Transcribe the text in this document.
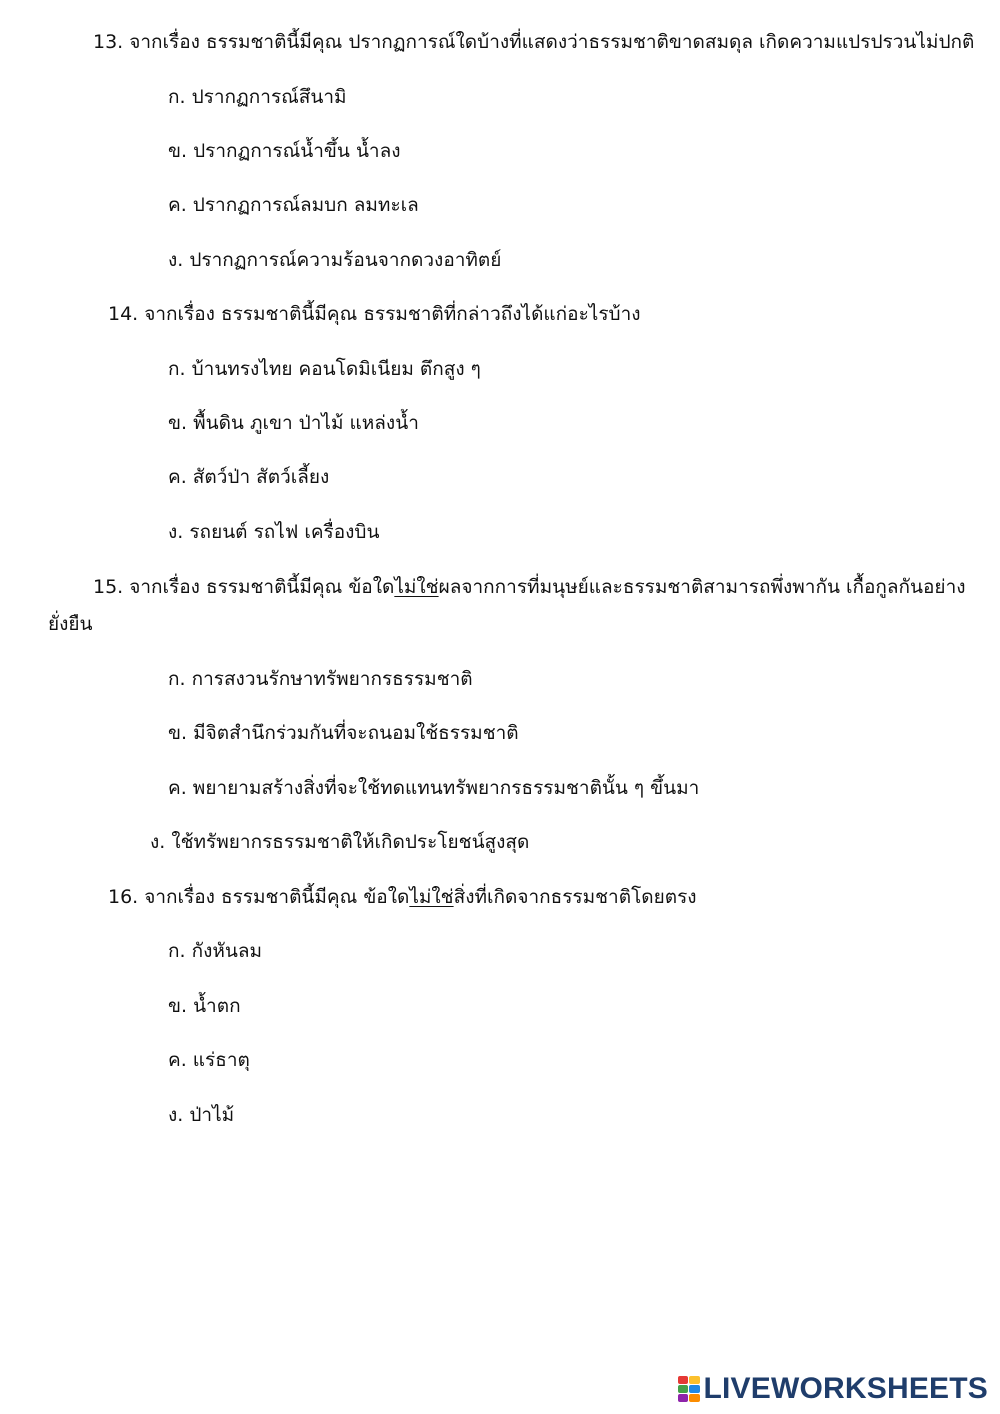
13. จากเรื่อง ธรรมชาตินี้มีคุณ ปรากฏการณ์ใดบ้างที่แสดงว่าธรรมชาติขาดสมดุล เกิดความแปรปรวนไม่ปกติ
ก. ปรากฏการณ์สึนามิ
ข. ปรากฏการณ์น้ำขึ้น น้ำลง
ค. ปรากฏการณ์ลมบก ลมทะเล
ง. ปรากฏการณ์ความร้อนจากดวงอาทิตย์
14. จากเรื่อง ธรรมชาตินี้มีคุณ ธรรมชาติที่กล่าวถึงได้แก่อะไรบ้าง
ก. บ้านทรงไทย คอนโดมิเนียม ตึกสูง ๆ
ข. พื้นดิน ภูเขา ป่าไม้ แหล่งน้ำ
ค. สัตว์ป่า สัตว์เลี้ยง
ง. รถยนต์ รถไฟ เครื่องบิน
15. จากเรื่อง ธรรมชาตินี้มีคุณ ข้อใดไม่ใช่ผลจากการที่มนุษย์และธรรมชาติสามารถพึ่งพากัน เกื้อกูลกันอย่าง
ยั่งยืน
ก. การสงวนรักษาทรัพยากรธรรมชาติ
ข. มีจิตสำนึกร่วมกันที่จะถนอมใช้ธรรมชาติ
ค. พยายามสร้างสิ่งที่จะใช้ทดแทนทรัพยากรธรรมชาตินั้น ๆ ขึ้นมา
ง. ใช้ทรัพยากรธรรมชาติให้เกิดประโยชน์สูงสุด
16. จากเรื่อง ธรรมชาตินี้มีคุณ ข้อใดไม่ใช่สิ่งที่เกิดจากธรรมชาติโดยตรง
ก. กังหันลม
ข. น้ำตก
ค. แร่ธาตุ
ง. ป่าไม้
LIVEWORKSHEETS
